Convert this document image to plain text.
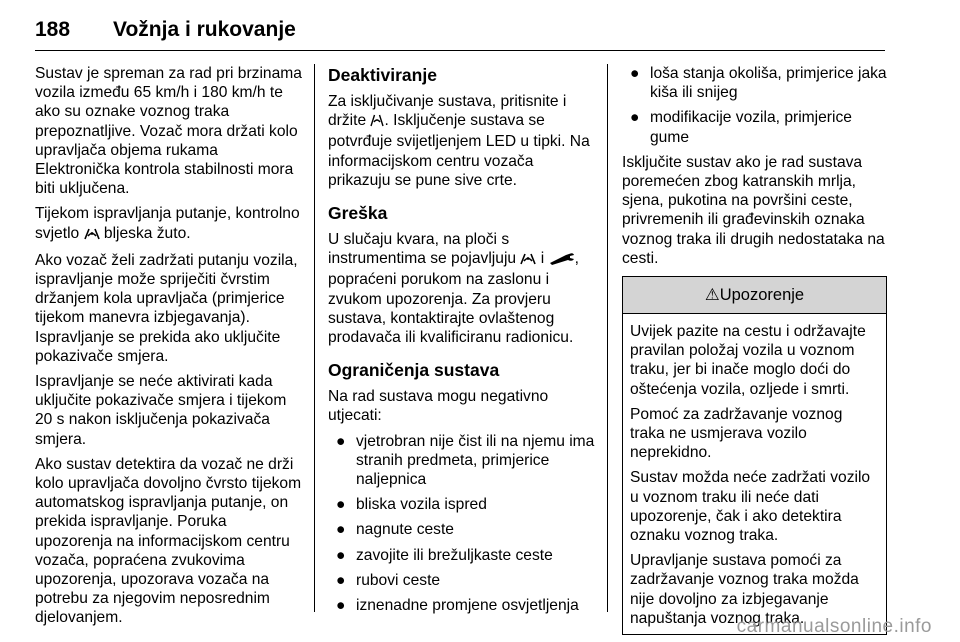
188 Vožnja i rukovanje

Sustav je spreman za rad pri brzinama vozila između 65 km/h i 180 km/h te ako su oznake voznog traka prepoznatljive. Vozač mora držati kolo upravljača objema rukama Elektronička kontrola stabilnosti mora biti uključena.

Tijekom ispravljanja putanje, kontrolno svjetlo bljeska žuto.

Ako vozač želi zadržati putanju vozila, ispravljanje može spriječiti čvrstim držanjem kola upravljača (primjerice tijekom manevra izbjegavanja). Ispravljanje se prekida ako uključite pokazivače smjera.

Ispravljanje se neće aktivirati kada uključite pokazivače smjera i tijekom 20 s nakon isključenja pokazivača smjera.

Ako sustav detektira da vozač ne drži kolo upravljača dovoljno čvrsto tijekom automatskog ispravljanja putanje, on prekida ispravljanje. Poruka upozorenja na informacijskom centru vozača, popraćena zvukovima upozorenja, upozorava vozača na potrebu za njegovim neposrednim djelovanjem.

Deaktiviranje

Za isključivanje sustava, pritisnite i držite . Isključenje sustava se potvrđuje svijetljenjem LED u tipki. Na informacijskom centru vozača prikazuju se pune sive crte.

Greška

U slučaju kvara, na ploči s instrumentima se pojavljuju i , popraćeni porukom na zaslonu i zvukom upozorenja. Za provjeru sustava, kontaktirajte ovlaštenog prodavača ili kvalificiranu radionicu.

Ograničenja sustava

Na rad sustava mogu negativno utjecati:

● vjetrobran nije čist ili na njemu ima stranih predmeta, primjerice naljepnica
● bliska vozila ispred
● nagnute ceste
● zavojite ili brežuljkaste ceste
● rubovi ceste
● iznenadne promjene osvjetljenja
● loša stanja okoliša, primjerice jaka kiša ili snijeg
● modifikacije vozila, primjerice gume

Isključite sustav ako je rad sustava poremećen zbog katranskih mrlja, sjena, pukotina na površini ceste, privremenih ili građevinskih oznaka voznog traka ili drugih nedostataka na cesti.

⚠Upozorenje

Uvijek pazite na cestu i održavajte pravilan položaj vozila u voznom traku, jer bi inače moglo doći do oštećenja vozila, ozljede i smrti.

Pomoć za zadržavanje voznog traka ne usmjerava vozilo neprekidno.

Sustav možda neće zadržati vozilo u voznom traku ili neće dati upozorenje, čak i ako detektira oznaku voznog traka.

Upravljanje sustava pomoći za zadržavanje voznog traka možda nije dovoljno za izbjegavanje napuštanja voznog traka.

carmanualsonline.info
